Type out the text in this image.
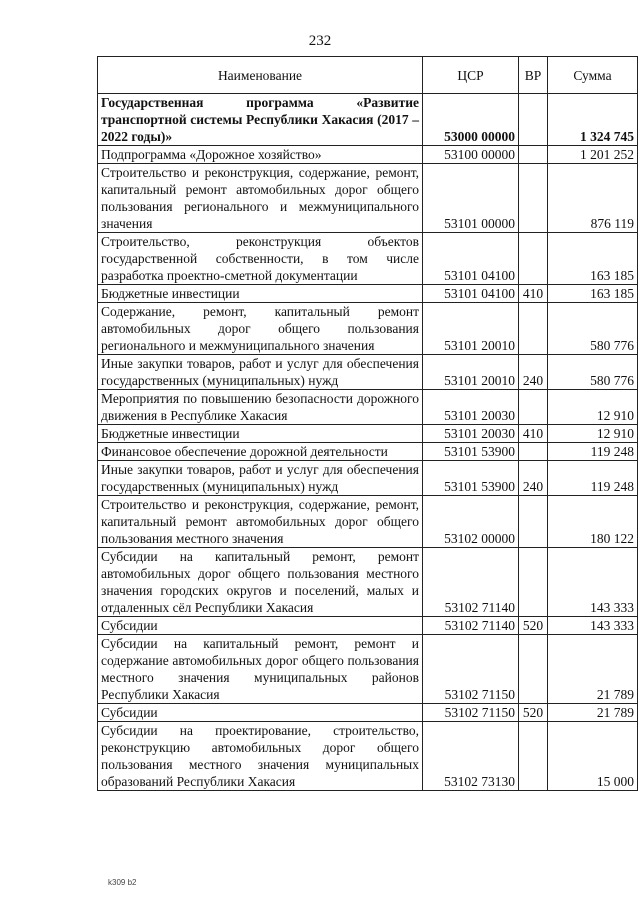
232
Наименование	ЦСР	ВР	Сумма
Государственная программа «Развитие транспортной системы Республики Хакасия (2017 – 2022 годы)»	53000 00000		1 324 745
Подпрограмма «Дорожное хозяйство»	53100 00000		1 201 252
Строительство и реконструкция, содержание, ремонт, капитальный ремонт автомобильных дорог общего пользования регионального и межмуниципального значения	53101 00000		876 119
Строительство, реконструкция объектов государственной собственности, в том числе разработка проектно-сметной документации	53101 04100		163 185
Бюджетные инвестиции	53101 04100	410	163 185
Содержание, ремонт, капитальный ремонт автомобильных дорог общего пользования регионального и межмуниципального значения	53101 20010		580 776
Иные закупки товаров, работ и услуг для обеспечения государственных (муниципальных) нужд	53101 20010	240	580 776
Мероприятия по повышению безопасности дорожного движения в Республике Хакасия	53101 20030		12 910
Бюджетные инвестиции	53101 20030	410	12 910
Финансовое обеспечение дорожной деятельности	53101 53900		119 248
Иные закупки товаров, работ и услуг для обеспечения государственных (муниципальных) нужд	53101 53900	240	119 248
Строительство и реконструкция, содержание, ремонт, капитальный ремонт автомобильных дорог общего пользования местного значения	53102 00000		180 122
Субсидии на капитальный ремонт, ремонт автомобильных дорог общего пользования местного значения городских округов и поселений, малых и отдаленных сёл Республики Хакасия	53102 71140		143 333
Субсидии	53102 71140	520	143 333
Субсидии на капитальный ремонт, ремонт и содержание автомобильных дорог общего пользования местного значения муниципальных районов Республики Хакасия	53102 71150		21 789
Субсидии	53102 71150	520	21 789
Субсидии на проектирование, строительство, реконструкцию автомобильных дорог общего пользования местного значения муниципальных образований Республики Хакасия	53102 73130		15 000
k309 b2
